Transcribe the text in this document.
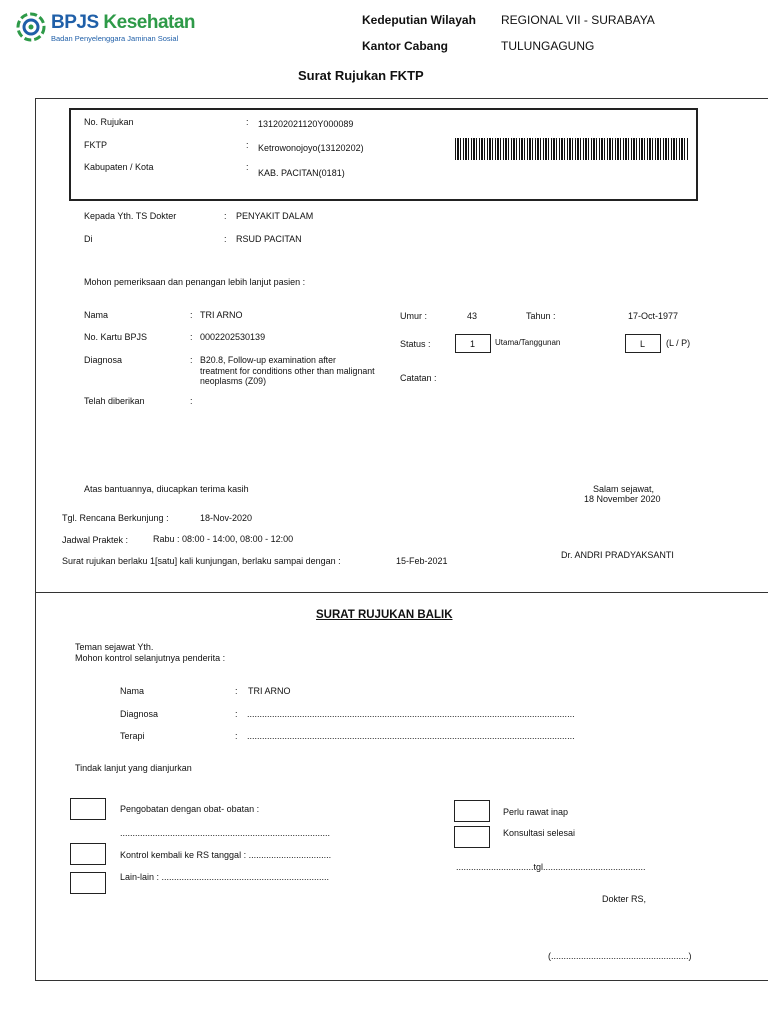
BPJS Kesehatan
Badan Penyelenggara Jaminan Sosial
Kedeputian Wilayah REGIONAL VII - SURABAYA
Kantor Cabang	TULUNGAGUNG
Surat Rujukan FKTP
No. Rujukan	: 131202021120Y000089
FKTP	: Ketrowonojoyo(13120202)
Kabupaten / Kota	:
KAB. PACITAN(0181)
Kepada Yth. TS Dokter	: PENYAKIT DALAM
Di	: RSUD PACITAN
Mohon pemeriksaan dan penangan lebih lanjut pasien :
Nama	: TRI ARNO
No. Kartu BPJS	: 0002202530139
Diagnosa	: B20.8, Follow-up examination after treatment for conditions other than malignant neoplasms (Z09)
Telah diberikan	:
Umur :	43	Tahun :	17-Oct-1977
Status :	1 Utama/Tanggunan	L (L / P)
Catatan :
Atas bantuannya, diucapkan terima kasih	Salam sejawat,
18 November 2020
Tgl. Rencana Berkunjung :	18-Nov-2020
Jadwal Praktek :	Rabu : 08:00 - 14:00, 08:00 - 12:00
Surat rujukan berlaku 1[satu] kali kunjungan, berlaku sampai dengan :	15-Feb-2021
Dr. ANDRI PRADYAKSANTI
SURAT RUJUKAN BALIK
Teman sejawat Yth.
Mohon kontrol selanjutnya penderita :
Nama	: TRI ARNO
Diagnosa	: ...................................................................................................................................
Terapi	: ...................................................................................................................................
Tindak lanjut yang dianjurkan
Pengobatan dengan obat- obatan :
....................................................................................
Kontrol kembali ke RS tanggal : .................................
Lain-lain : ...................................................................
Perlu rawat inap
Konsultasi selesai
...............................tgl.........................................
Dokter RS,
(.......................................................)
